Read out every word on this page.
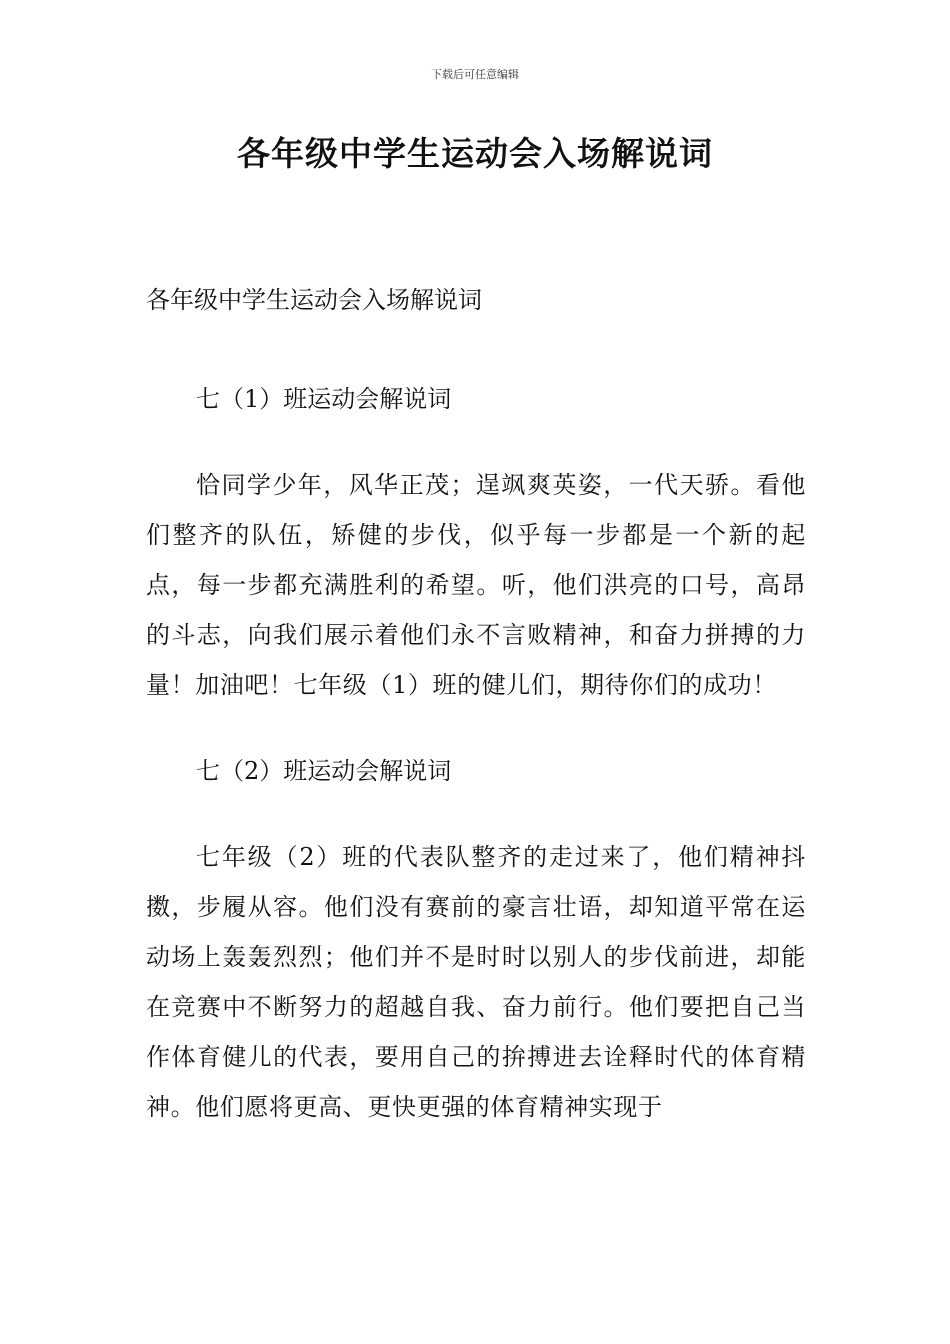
下载后可任意编辑
各年级中学生运动会入场解说词

各年级中学生运动会入场解说词

七（1）班运动会解说词

恰同学少年，风华正茂；逞飒爽英姿，一代天骄。看他们整齐的队伍，矫健的步伐，似乎每一步都是一个新的起点，每一步都充满胜利的希望。听，他们洪亮的口号，高昂的斗志，向我们展示着他们永不言败精神，和奋力拼搏的力量！加油吧！七年级（1）班的健儿们，期待你们的成功！

七（2）班运动会解说词

七年级（2）班的代表队整齐的走过来了，他们精神抖擞，步履从容。他们没有赛前的豪言壮语，却知道平常在运动场上轰轰烈烈；他们并不是时时以别人的步伐前进，却能在竞赛中不断努力的超越自我、奋力前行。他们要把自己当作体育健儿的代表，要用自己的拚搏进去诠释时代的体育精神。他们愿将更高、更快更强的体育精神实现于
